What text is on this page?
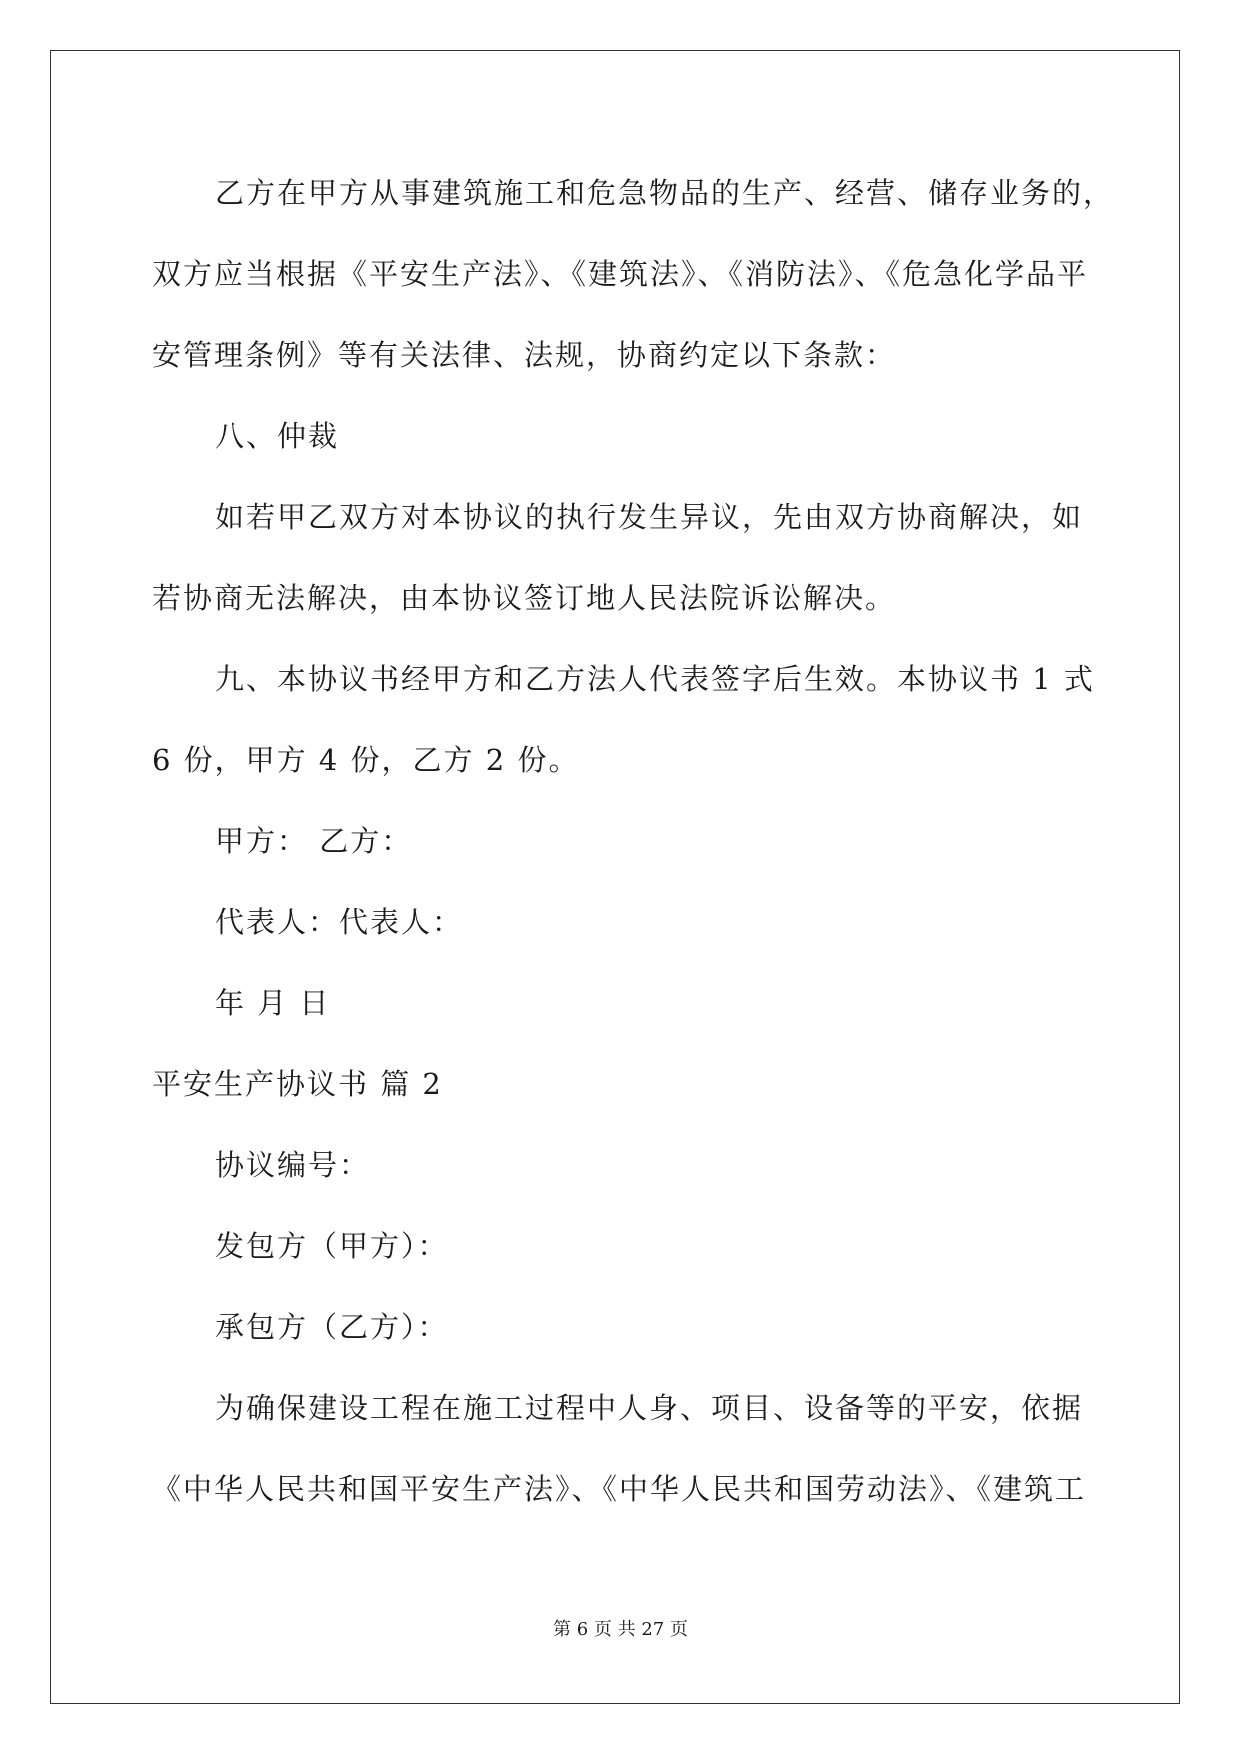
乙方在甲方从事建筑施工和危急物品的生产、经营、储存业务的，
双方应当根据《平安生产法》、《建筑法》、《消防法》、《危急化学品平
安管理条例》等有关法律、法规，协商约定以下条款：
八、仲裁
如若甲乙双方对本协议的执行发生异议，先由双方协商解决，如
若协商无法解决，由本协议签订地人民法院诉讼解决。
九、本协议书经甲方和乙方法人代表签字后生效。本协议书 1 式
6 份，甲方 4 份，乙方 2 份。
甲方： 乙方：
代表人：代表人：
年 月 日
平安生产协议书 篇 2
协议编号：
发包方（甲方）：
承包方（乙方）：
为确保建设工程在施工过程中人身、项目、设备等的平安，依据
《中华人民共和国平安生产法》、《中华人民共和国劳动法》、《建筑工
第 6 页 共 27 页
